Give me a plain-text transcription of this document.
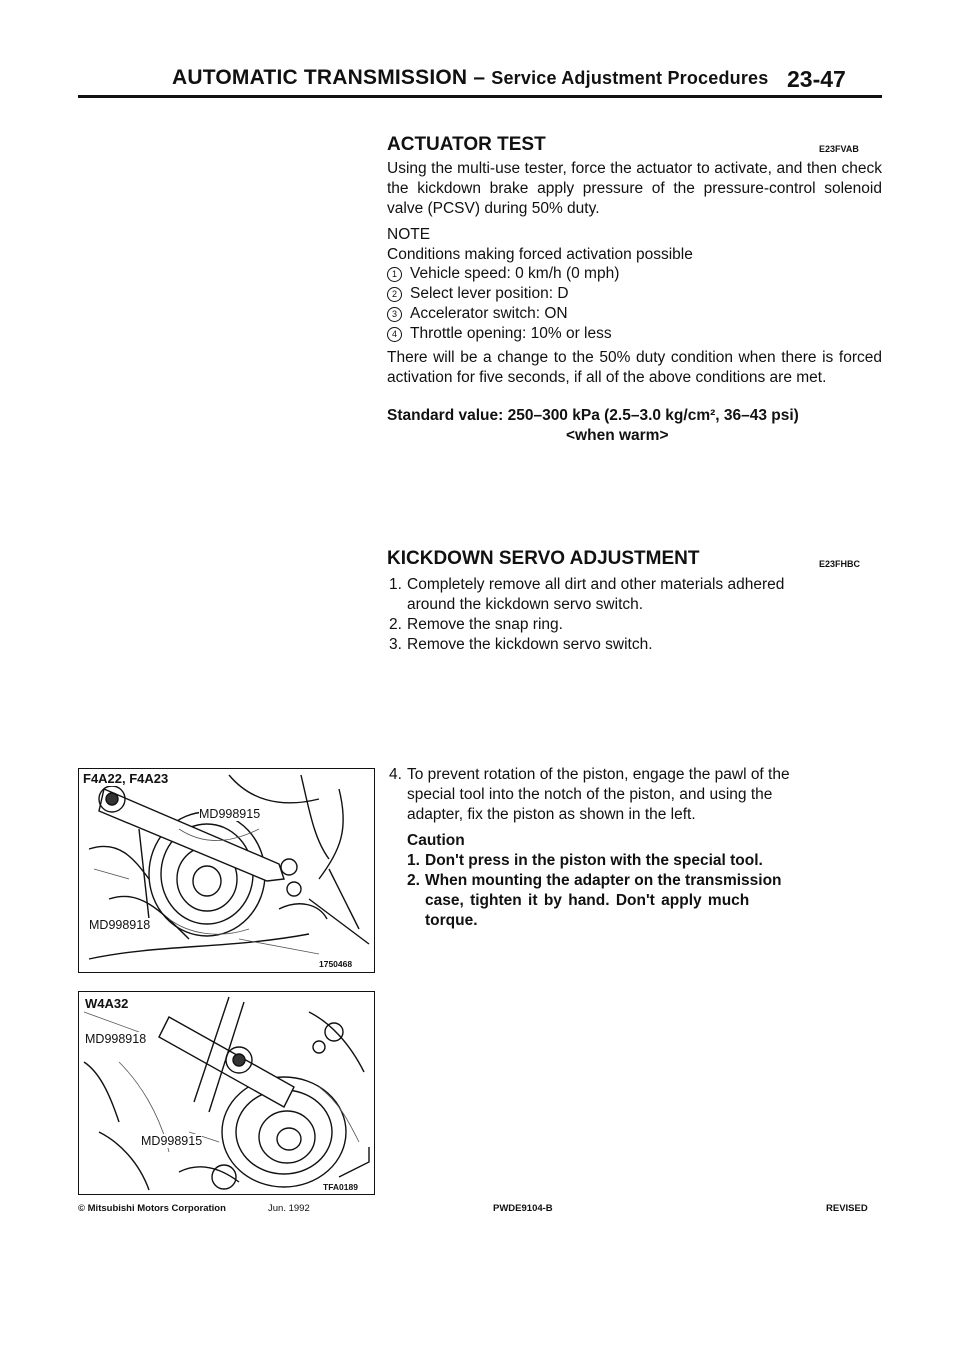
AUTOMATIC TRANSMISSION – Service Adjustment Procedures 23-47
ACTUATOR TEST	E23FVAB
Using the multi-use tester, force the actuator to activate, and then check the kickdown brake apply pressure of the pressure-control solenoid valve (PCSV) during 50% duty.
NOTE
Conditions making forced activation possible
1 Vehicle speed: 0 km/h (0 mph)
2 Select lever position: D
3 Accelerator switch: ON
4 Throttle opening: 10% or less
There will be a change to the 50% duty condition when there is forced activation for five seconds, if all of the above conditions are met.
Standard value: 250–300 kPa (2.5–3.0 kg/cm², 36–43 psi)
<when warm>
KICKDOWN SERVO ADJUSTMENT	E23FHBC
1. Completely remove all dirt and other materials adhered
around the kickdown servo switch.
2. Remove the snap ring.
3. Remove the kickdown servo switch.
4. To prevent rotation of the piston, engage the pawl of the
special tool into the notch of the piston, and using the
adapter, fix the piston as shown in the left.
Caution
1. Don't press in the piston with the special tool.
2. When mounting the adapter on the transmission
case, tighten it by hand. Don't apply much
torque.
F4A22, F4A23
MD998915
MD998918
1750468
W4A32
MD998918
MD998915
TFA0189
© Mitsubishi Motors Corporation	Jun. 1992	PWDE9104-B	REVISED
